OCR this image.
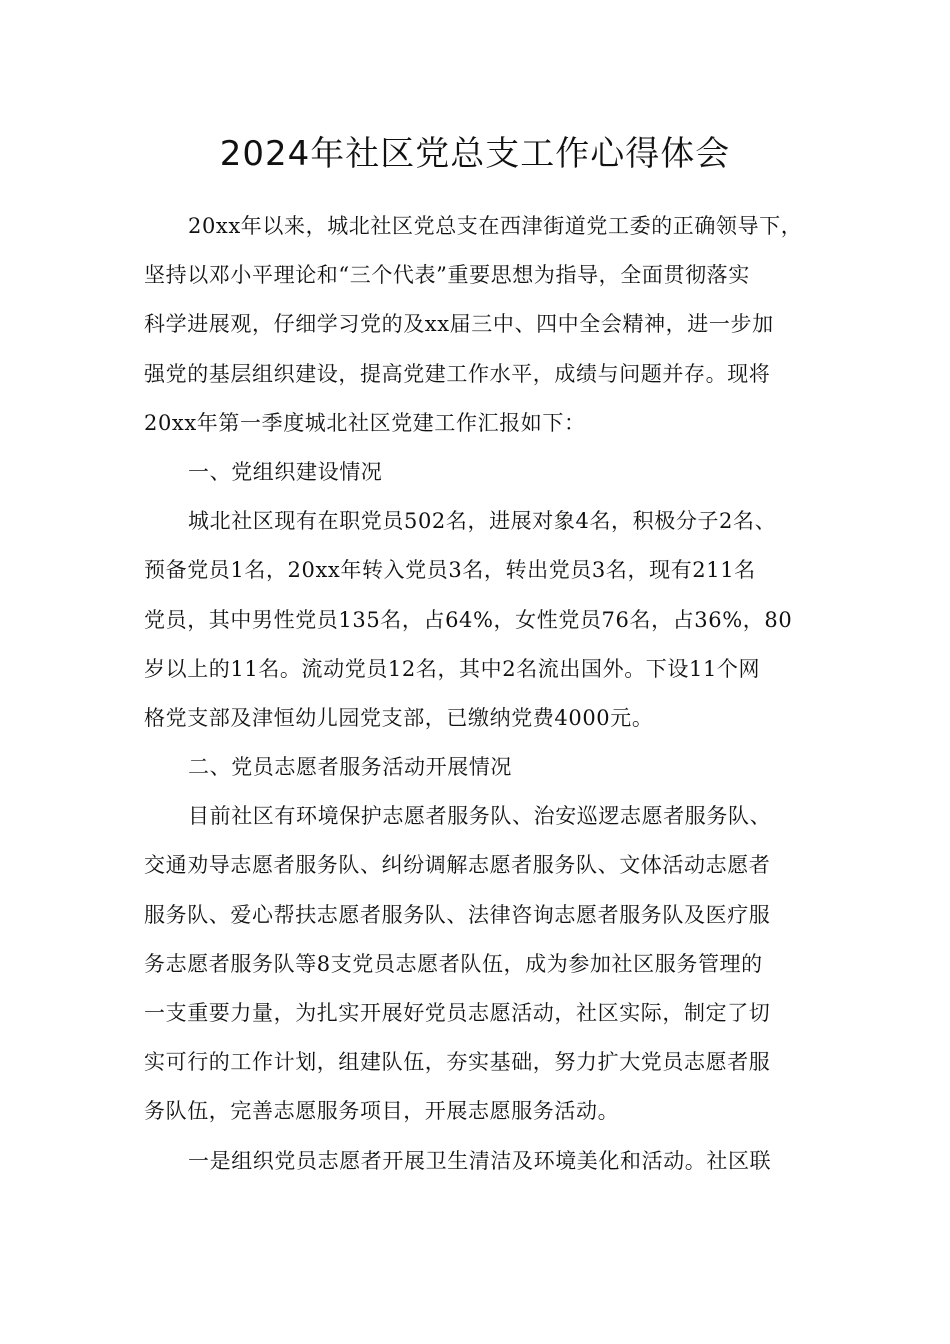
2024年社区党总支工作心得体会
20xx年以来，城北社区党总支在西津街道党工委的正确领导下，
坚持以邓小平理论和“三个代表”重要思想为指导，全面贯彻落实
科学进展观，仔细学习党的及xx届三中、四中全会精神，进一步加
强党的基层组织建设，提高党建工作水平，成绩与问题并存。现将
20xx年第一季度城北社区党建工作汇报如下：
一、党组织建设情况
城北社区现有在职党员502名，进展对象4名，积极分子2名、
预备党员1名，20xx年转入党员3名，转出党员3名，现有211名
党员，其中男性党员135名，占64%，女性党员76名，占36%，80
岁以上的11名。流动党员12名，其中2名流出国外。下设11个网
格党支部及津恒幼儿园党支部，已缴纳党费4000元。
二、党员志愿者服务活动开展情况
目前社区有环境保护志愿者服务队、治安巡逻志愿者服务队、
交通劝导志愿者服务队、纠纷调解志愿者服务队、文体活动志愿者
服务队、爱心帮扶志愿者服务队、法律咨询志愿者服务队及医疗服
务志愿者服务队等8支党员志愿者队伍，成为参加社区服务管理的
一支重要力量，为扎实开展好党员志愿活动，社区实际，制定了切
实可行的工作计划，组建队伍，夯实基础，努力扩大党员志愿者服
务队伍，完善志愿服务项目，开展志愿服务活动。
一是组织党员志愿者开展卫生清洁及环境美化和活动。社区联
